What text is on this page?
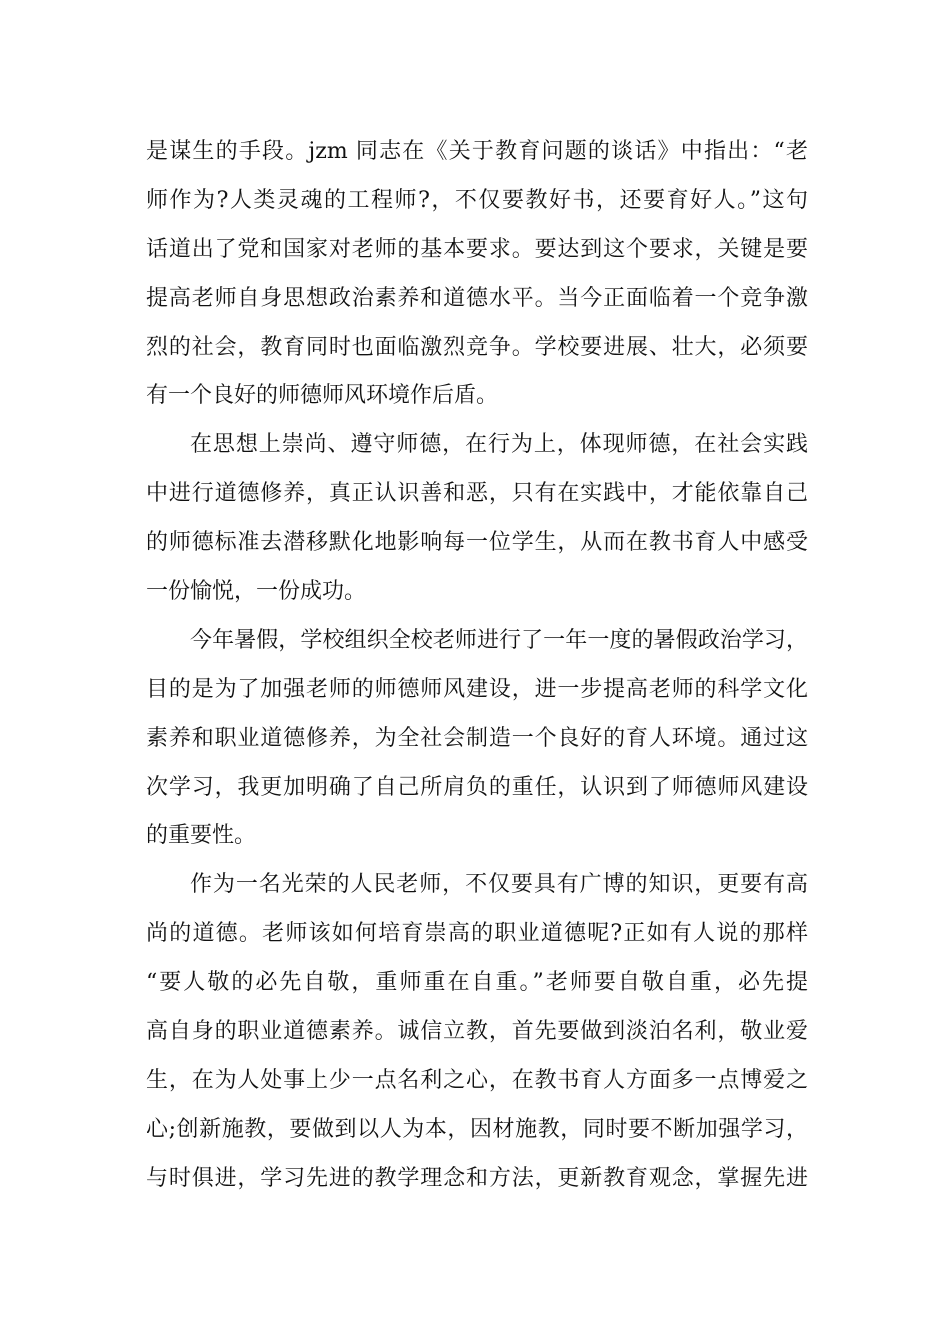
是谋生的手段。jzm 同志在《关于教育问题的谈话》中指出：“老
师作为?人类灵魂的工程师?，不仅要教好书，还要育好人。”这句
话道出了党和国家对老师的基本要求。要达到这个要求，关键是要
提高老师自身思想政治素养和道德水平。当今正面临着一个竞争激
烈的社会，教育同时也面临激烈竞争。学校要进展、壮大，必须要
有一个良好的师德师风环境作后盾。
在思想上崇尚、遵守师德，在行为上，体现师德，在社会实践
中进行道德修养，真正认识善和恶，只有在实践中，才能依靠自己
的师德标准去潜移默化地影响每一位学生，从而在教书育人中感受
一份愉悦，一份成功。
今年暑假，学校组织全校老师进行了一年一度的暑假政治学习，
目的是为了加强老师的师德师风建设，进一步提高老师的科学文化
素养和职业道德修养，为全社会制造一个良好的育人环境。通过这
次学习，我更加明确了自己所肩负的重任，认识到了师德师风建设
的重要性。
作为一名光荣的人民老师，不仅要具有广博的知识，更要有高
尚的道德。老师该如何培育崇高的职业道德呢?正如有人说的那样
“要人敬的必先自敬，重师重在自重。”老师要自敬自重，必先提
高自身的职业道德素养。诚信立教，首先要做到淡泊名利，敬业爱
生，在为人处事上少一点名利之心，在教书育人方面多一点博爱之
心;创新施教，要做到以人为本，因材施教，同时要不断加强学习，
与时俱进，学习先进的教学理念和方法，更新教育观念，掌握先进
